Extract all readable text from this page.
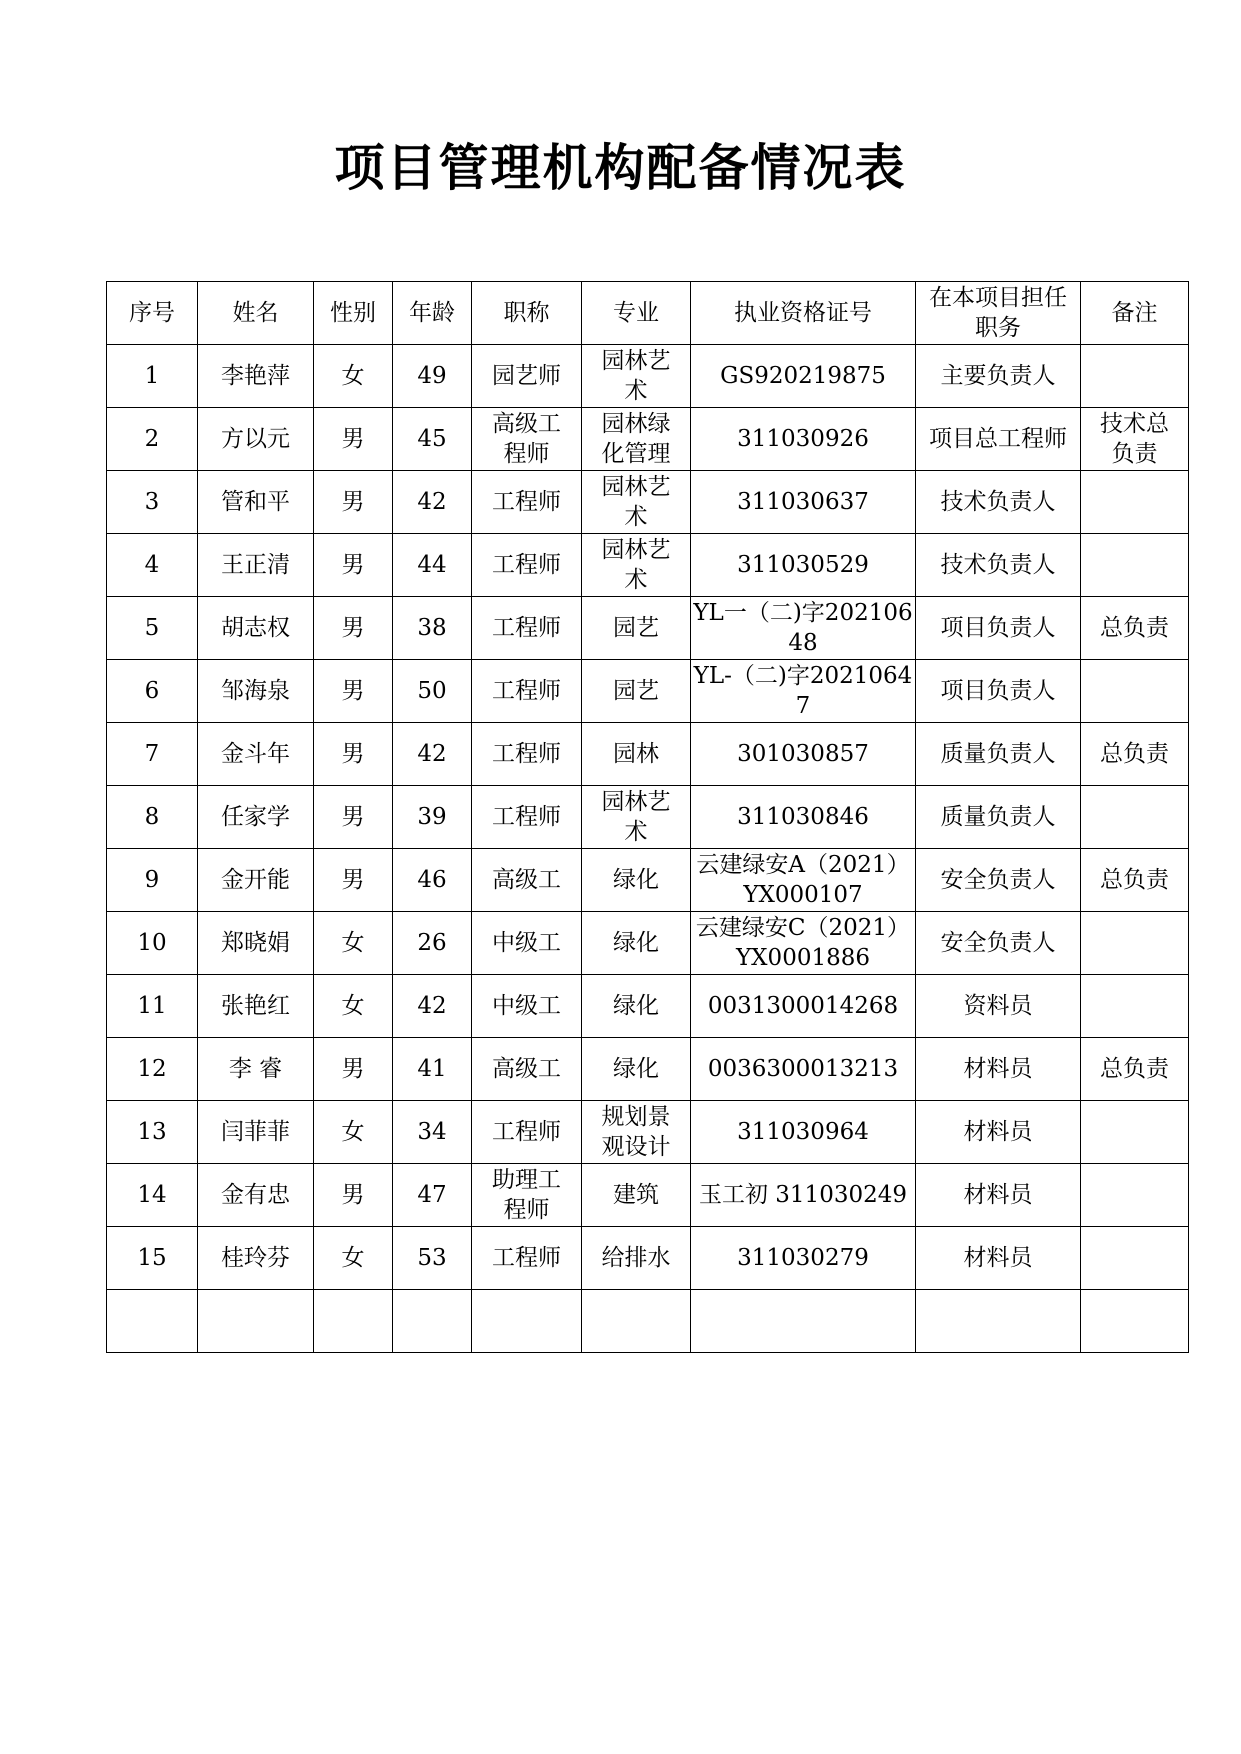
项目管理机构配备情况表
序号	姓名	性别	年龄	职称	专业	执业资格证号	在本项目担任职务	备注
1	李艳萍	女	49	园艺师	园林艺术	GS920219875	主要负责人	
2	方以元	男	45	高级工程师	园林绿化管理	311030926	项目总工程师	技术总负责
3	管和平	男	42	工程师	园林艺术	311030637	技术负责人	
4	王正清	男	44	工程师	园林艺术	311030529	技术负责人	
5	胡志权	男	38	工程师	园艺	YL一（二)字20210648	项目负责人	总负责
6	邹海泉	男	50	工程师	园艺	YL-（二)字20210647	项目负责人	
7	金斗年	男	42	工程师	园林	301030857	质量负责人	总负责
8	任家学	男	39	工程师	园林艺术	311030846	质量负责人	
9	金开能	男	46	高级工	绿化	云建绿安A（2021）YX000107	安全负责人	总负责
10	郑晓娟	女	26	中级工	绿化	云建绿安C（2021）YX0001886	安全负责人	
11	张艳红	女	42	中级工	绿化	0031300014268	资料员	
12	李 睿	男	41	高级工	绿化	0036300013213	材料员	总负责
13	闫菲菲	女	34	工程师	规划景观设计	311030964	材料员	
14	金有忠	男	47	助理工程师	建筑	玉工初 311030249	材料员	
15	桂玲芬	女	53	工程师	给排水	311030279	材料员	
